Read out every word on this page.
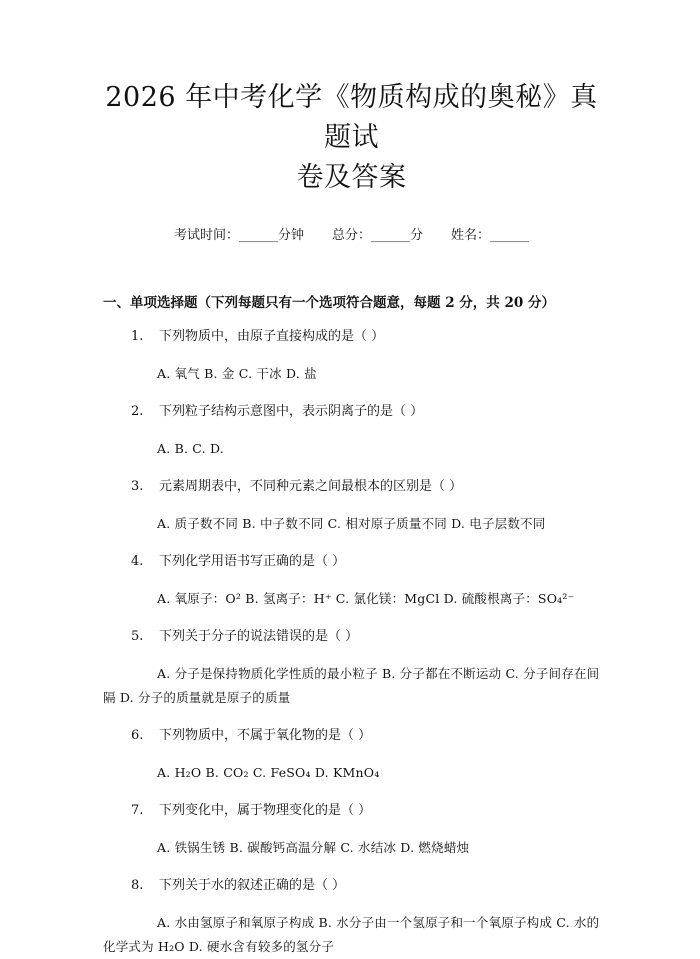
2026 年中考化学《物质构成的奥秘》真题试
卷及答案
考试时间：______分钟 总分：______分 姓名：______
一、单项选择题（下列每题只有一个选项符合题意，每题 2 分，共 20 分）
1. 下列物质中，由原子直接构成的是（ ）
A. 氧气 B. 金 C. 干冰 D. 盐
2. 下列粒子结构示意图中，表示阴离子的是（ ）
A. B. C. D.
3. 元素周期表中，不同种元素之间最根本的区别是（ ）
A. 质子数不同 B. 中子数不同 C. 相对原子质量不同 D. 电子层数不同
4. 下列化学用语书写正确的是（ ）
A. 氧原子：O² B. 氢离子：H⁺ C. 氯化镁：MgCl D. 硫酸根离子：SO₄²⁻
5. 下列关于分子的说法错误的是（ ）
A. 分子是保持物质化学性质的最小粒子 B. 分子都在不断运动 C. 分子间存在间隔 D. 分子的质量就是原子的质量
6. 下列物质中，不属于氧化物的是（ ）
A. H₂O B. CO₂ C. FeSO₄ D. KMnO₄
7. 下列变化中，属于物理变化的是（ ）
A. 铁锅生锈 B. 碳酸钙高温分解 C. 水结冰 D. 燃烧蜡烛
8. 下列关于水的叙述正确的是（ ）
A. 水由氢原子和氧原子构成 B. 水分子由一个氢原子和一个氧原子构成 C. 水的化学式为 H₂O D. 硬水含有较多的氢分子
